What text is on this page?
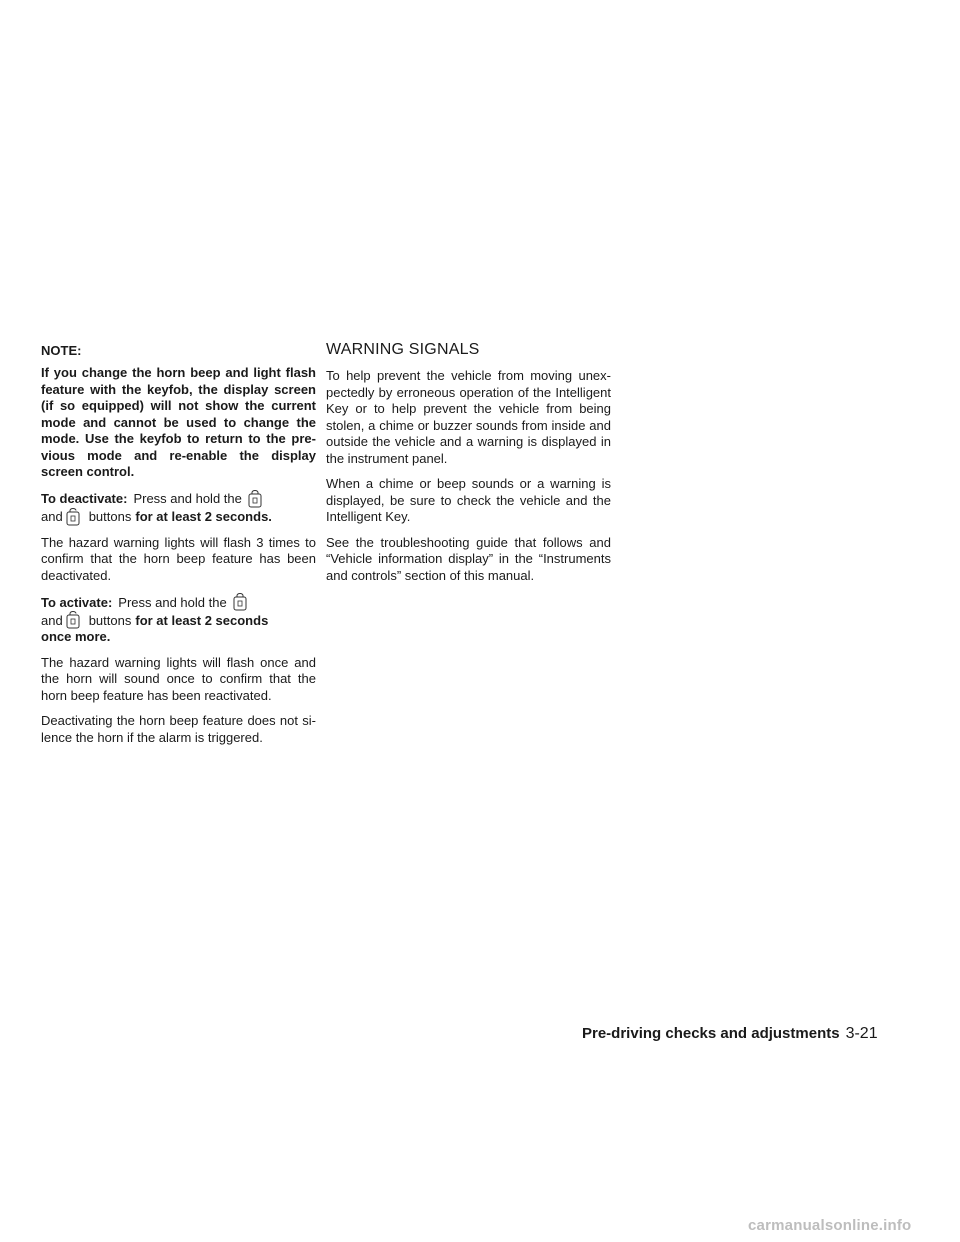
NOTE:

If you change the horn beep and light flash feature with the keyfob, the display screen (if so equipped) will not show the current mode and cannot be used to change the mode. Use the keyfob to return to the pre-vious mode and re-enable the display screen control.

To deactivate: Press and hold the
and buttons for at least 2 seconds.

The hazard warning lights will flash 3 times to confirm that the horn beep feature has been deactivated.

To activate: Press and hold the
and buttons for at least 2 seconds
once more.

The hazard warning lights will flash once and the horn will sound once to confirm that the horn beep feature has been reactivated.

Deactivating the horn beep feature does not si-lence the horn if the alarm is triggered.

WARNING SIGNALS

To help prevent the vehicle from moving unex-pectedly by erroneous operation of the Intelligent Key or to help prevent the vehicle from being stolen, a chime or buzzer sounds from inside and outside the vehicle and a warning is displayed in the instrument panel.

When a chime or beep sounds or a warning is displayed, be sure to check the vehicle and the Intelligent Key.

See the troubleshooting guide that follows and “Vehicle information display” in the “Instruments and controls” section of this manual.

Pre-driving checks and adjustments 3-21
carmanualsonline.info
